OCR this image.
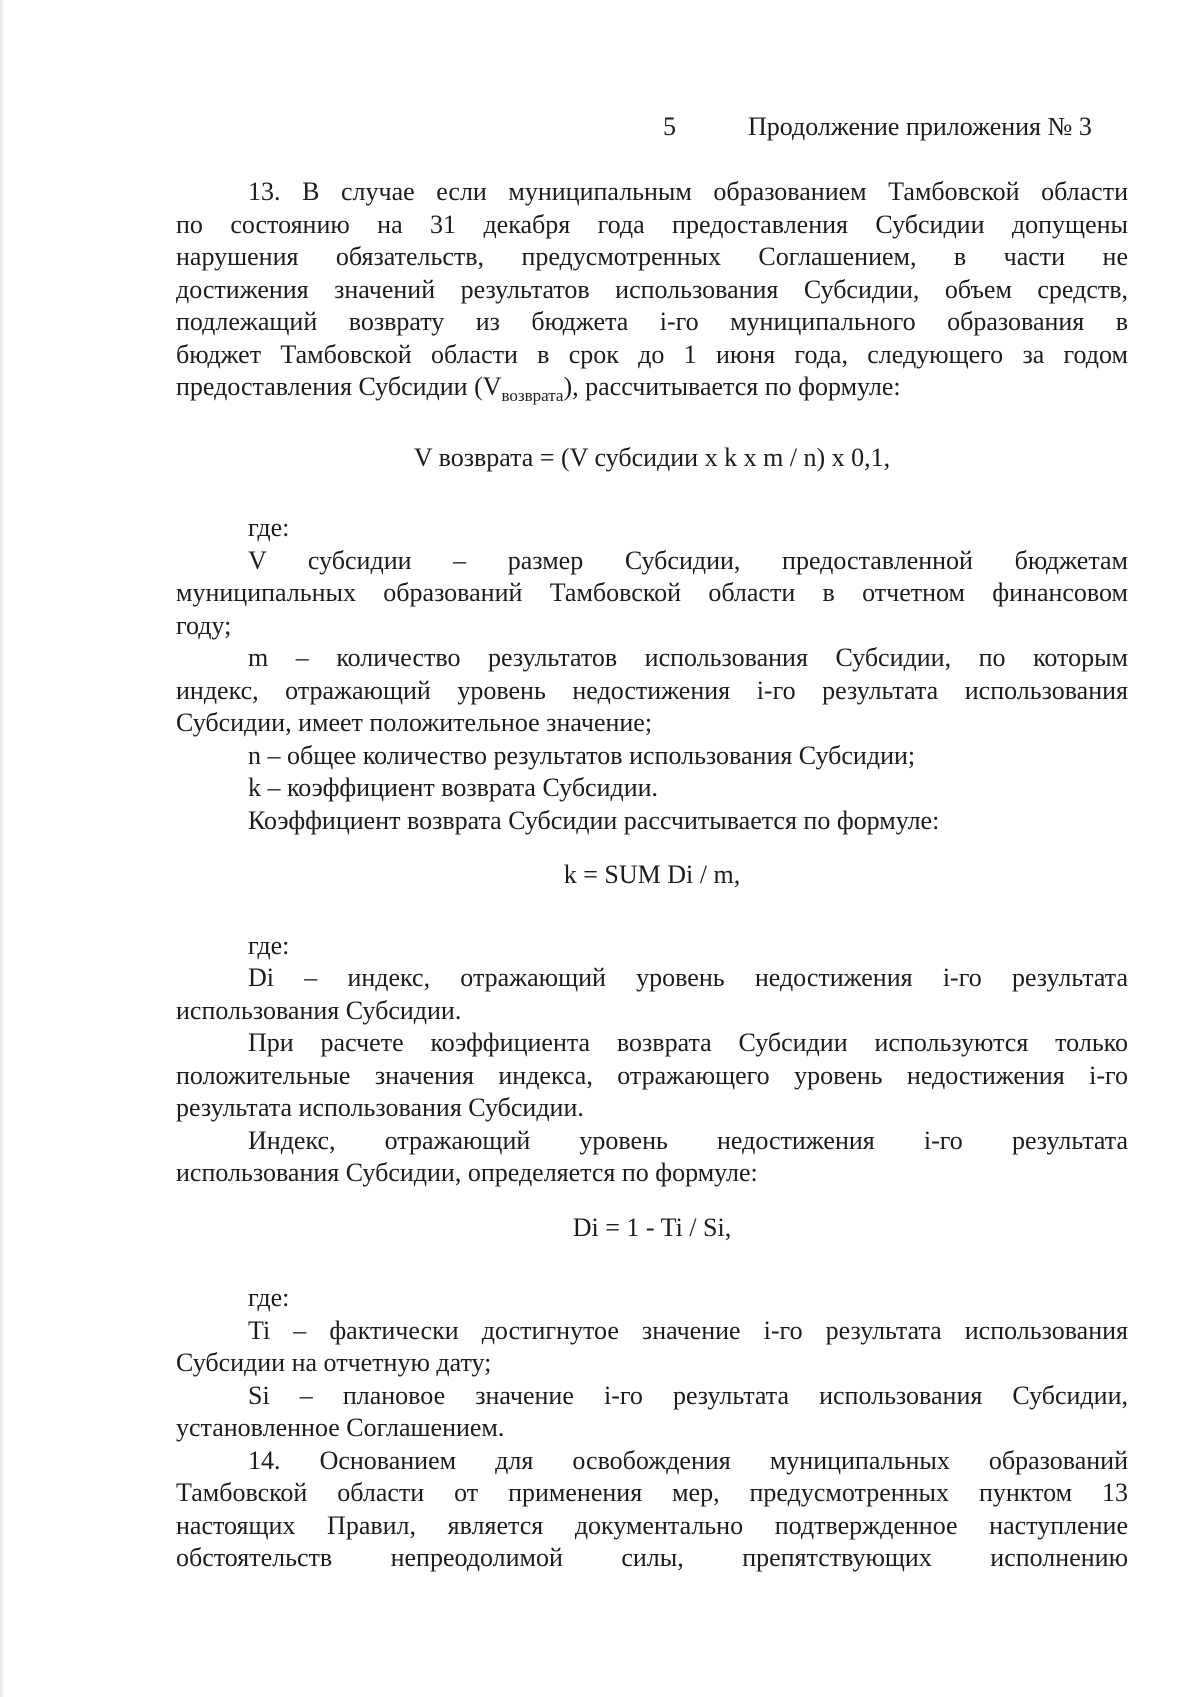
5	Продолжение приложения № 3

13. В случае если муниципальным образованием Тамбовской области

по состоянию на 31 декабря года предоставления Субсидии допущены

нарушения обязательств, предусмотренных Соглашением, в части не

достижения значений результатов использования Субсидии, объем средств,

подлежащий возврату из бюджета i-го муниципального образования в

бюджет Тамбовской области в срок до 1 июня года, следующего за годом

предоставления Субсидии $(V_{возврата})$, рассчитывается по формуле:

V возврата = (V субсидии x k x m / n) x 0,1,

где:

V субсидии – размер Субсидии, предоставленной бюджетам

муниципальных образований Тамбовской области в отчетном финансовом

году;

m – количество результатов использования Субсидии, по которым

индекс, отражающий уровень недостижения i-го результата использования

Субсидии, имеет положительное значение;

n – общее количество результатов использования Субсидии;

k – коэффициент возврата Субсидии.

Коэффициент возврата Субсидии рассчитывается по формуле:

k = SUM Di / m,

где:

Di – индекс, отражающий уровень недостижения i-го результата

использования Субсидии.

При расчете коэффициента возврата Субсидии используются только

положительные значения индекса, отражающего уровень недостижения i-го

результата использования Субсидии.

Индекс, отражающий уровень недостижения i-го результата

использования Субсидии, определяется по формуле:

Di = 1 - Ti / Si,

где:

Ti – фактически достигнутое значение i-го результата использования

Субсидии на отчетную дату;

Si – плановое значение i-го результата использования Субсидии,

установленное Соглашением.

14. Основанием для освобождения муниципальных образований

Тамбовской области от применения мер, предусмотренных пунктом 13

настоящих Правил, является документально подтвержденное наступление

обстоятельств непреодолимой силы, препятствующих исполнению
